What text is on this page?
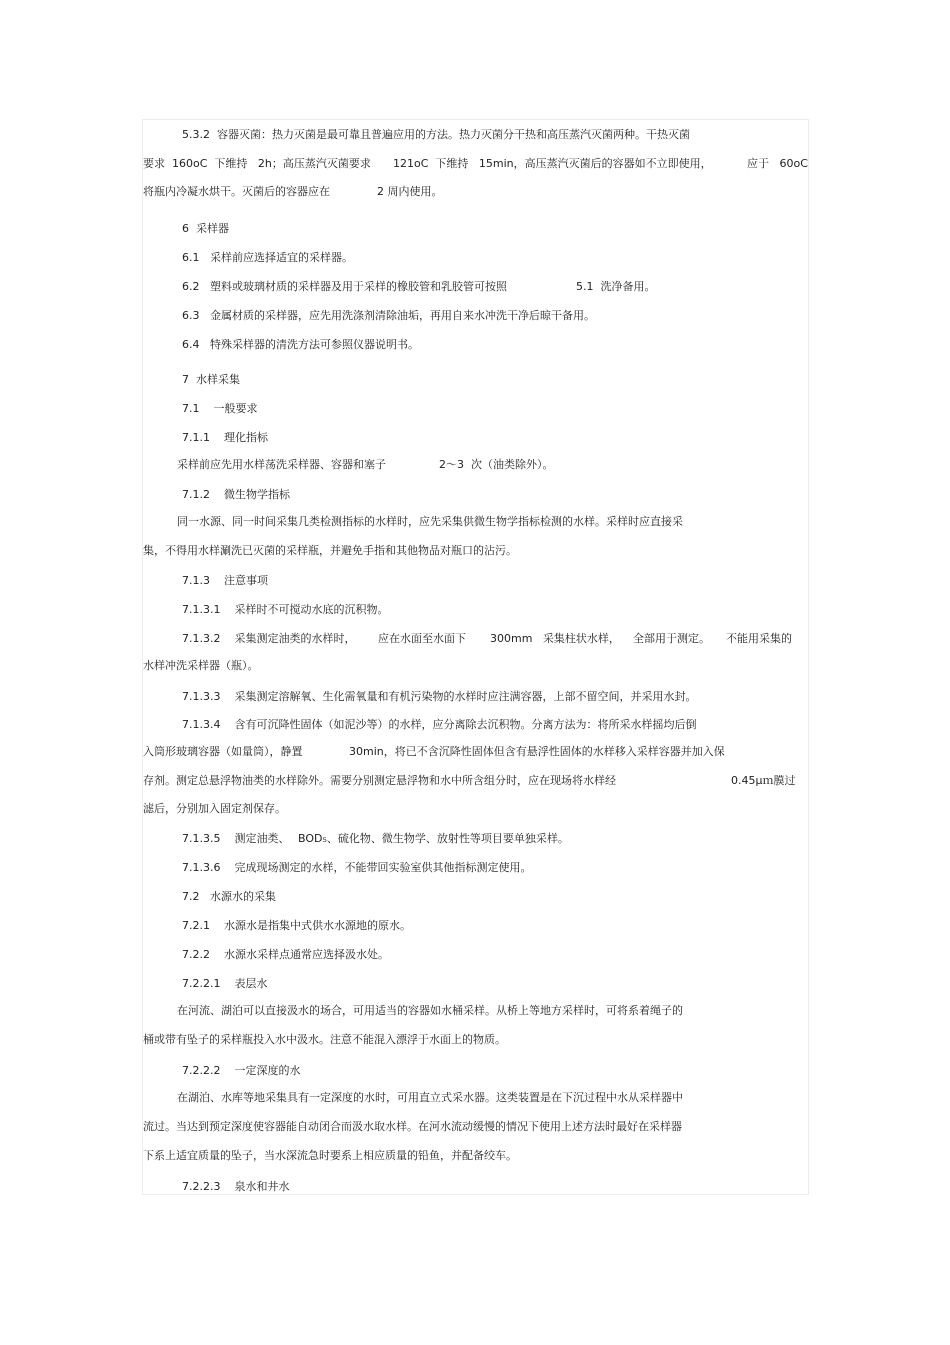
5.3.2  容器灭菌：热力灭菌是最可靠且普遍应用的方法。热力灭菌分干热和高压蒸汽灭菌两种。干热灭菌
要求  160oC  下维持   2h；高压蒸汽灭菌要求 121oC  下维持   15min，高压蒸汽灭菌后的容器如不立即使用，	应于   60oC
将瓶内冷凝水烘干。灭菌后的容器应在	2 周内使用。
6  采样器
6.1   采样前应选择适宜的采样器。
6.2   塑料或玻璃材质的采样器及用于采样的橡胶管和乳胶管可按照	5.1  洗净备用。
6.3   金属材质的采样器，应先用洗涤剂清除油垢，再用自来水冲洗干净后晾干备用。
6.4   特殊采样器的清洗方法可参照仪器说明书。
7  水样采集
7.1    一般要求
7.1.1    理化指标
采样前应先用水样荡洗采样器、容器和塞子	2～3  次（油类除外）。
7.1.2    微生物学指标
同一水源、同一时间采集几类检测指标的水样时，应先采集供微生物学指标检测的水样。采样时应直接采
集，不得用水样涮洗已灭菌的采样瓶，并避免手指和其他物品对瓶口的沾污。
7.1.3    注意事项
7.1.3.1    采样时不可搅动水底的沉积物。
7.1.3.2    采集测定油类的水样时， 应在水面至水面下 300mm   采集柱状水样， 全部用于测定。 不能用采集的
水样冲洗采样器（瓶）。
7.1.3.3    采集测定溶解氧、生化需氧量和有机污染物的水样时应注满容器，上部不留空间，并采用水封。
7.1.3.4    含有可沉降性固体（如泥沙等）的水样，应分离除去沉积物。分离方法为：将所采水样摇均后倒
入筒形玻璃容器（如量筒），静置	30min，将已不含沉降性固体但含有悬浮性固体的水样移入采样容器并加入保
存剂。测定总悬浮物油类的水样除外。需要分别测定悬浮物和水中所含组分时，应在现场将水样经	0.45μｍ膜过
滤后，分别加入固定剂保存。
7.1.3.5    测定油类、 BOD₅、硫化物、微生物学、放射性等项目要单独采样。
7.1.3.6    完成现场测定的水样，不能带回实验室供其他指标测定使用。
7.2   水源水的采集
7.2.1    水源水是指集中式供水水源地的原水。
7.2.2    水源水采样点通常应选择汲水处。
7.2.2.1    表层水
在河流、湖泊可以直接汲水的场合，可用适当的容器如水桶采样。从桥上等地方采样时，可将系着绳子的
桶或带有坠子的采样瓶投入水中汲水。注意不能混入漂浮于水面上的物质。
7.2.2.2    一定深度的水
在湖泊、水库等地采集具有一定深度的水时，可用直立式采水器。这类装置是在下沉过程中水从采样器中
流过。当达到预定深度使容器能自动闭合而汲水取水样。在河水流动缓慢的情况下使用上述方法时最好在采样器
下系上适宜质量的坠子，当水深流急时要系上相应质量的铅鱼，并配备绞车。
7.2.2.3    泉水和井水
